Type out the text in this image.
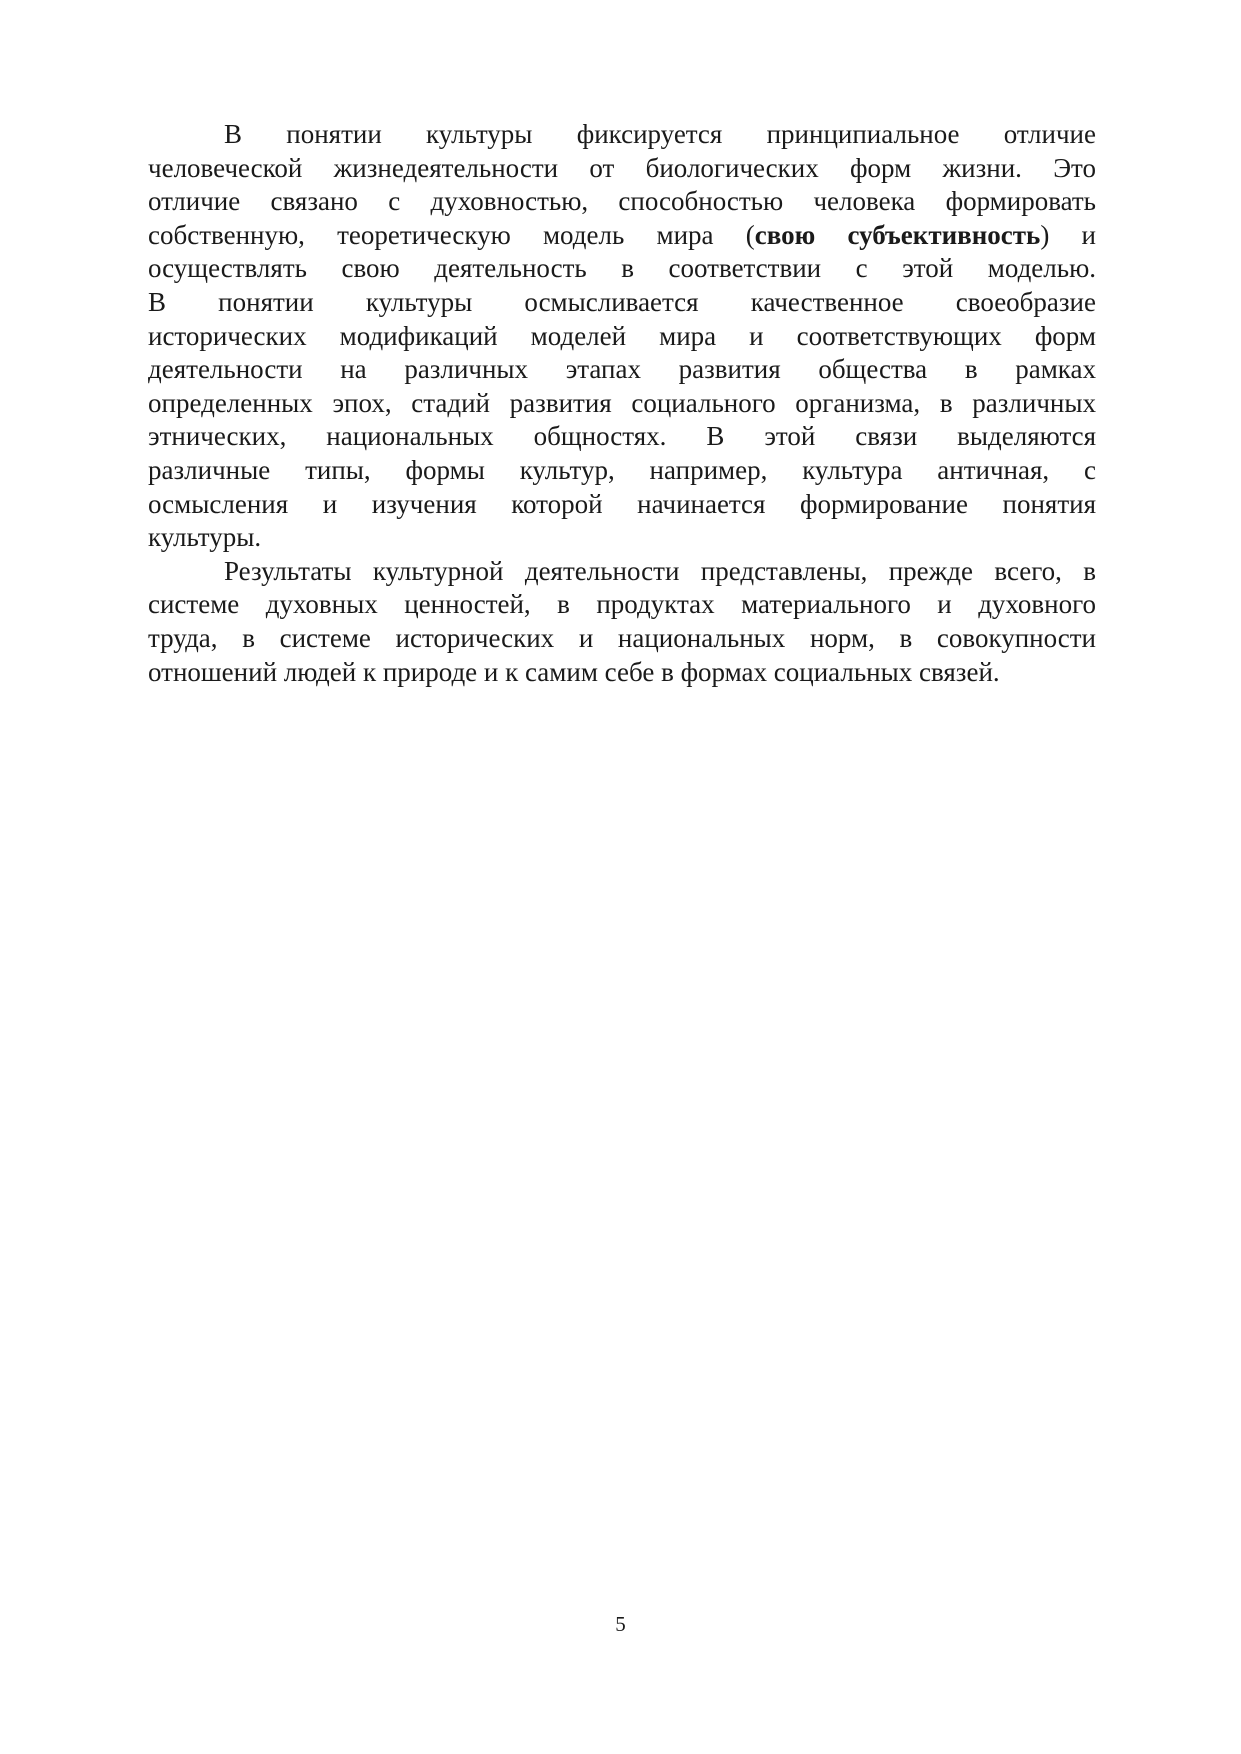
В понятии культуры фиксируется принципиальное отличие
человеческой жизнедеятельности от биологических форм жизни. Это
отличие связано с духовностью, способностью человека формировать
собственную, теоретическую модель мира (свою субъективность) и
осуществлять свою деятельность в соответствии с этой моделью.
В понятии культуры осмысливается качественное своеобразие
исторических модификаций моделей мира и соответствующих форм
деятельности на различных этапах развития общества в рамках
определенных эпох, стадий развития социального организма, в различных
этнических, национальных общностях. В этой связи выделяются
различные типы, формы культур, например, культура античная, с
осмысления и изучения которой начинается формирование понятия
культуры.
Результаты культурной деятельности представлены, прежде всего, в
системе духовных ценностей, в продуктах материального и духовного
труда, в системе исторических и национальных норм, в совокупности
отношений людей к природе и к самим себе в формах социальных связей.
5
